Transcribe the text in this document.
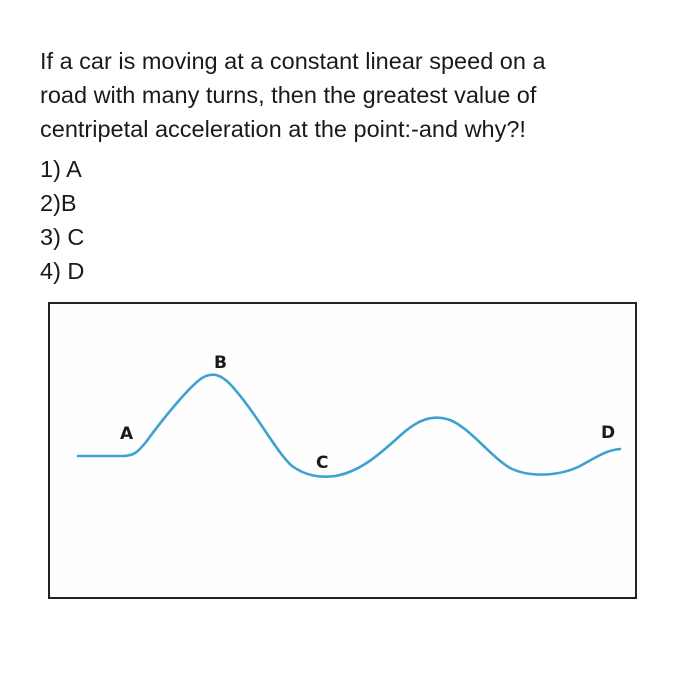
If a car is moving at a constant linear speed on a
road with many turns, then the greatest value of
centripetal acceleration at the point:-and why?!
1) A
2)B
3) C
4) D
A
B
C
D
